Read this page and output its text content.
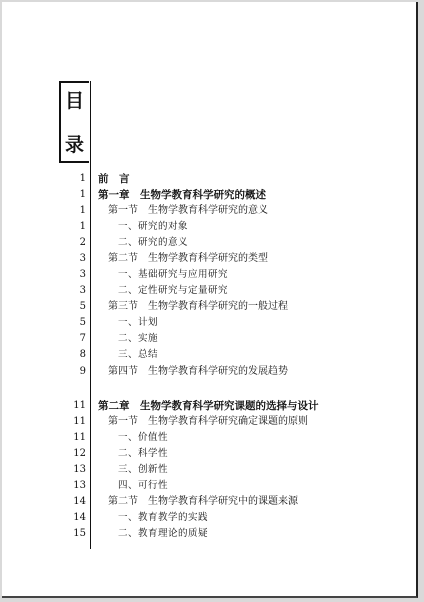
目
录
1 前　言
1 第一章　生物学教育科学研究的概述
1 第一节　生物学教育科学研究的意义
1	一、研究的对象
2	二、研究的意义
3 第二节　生物学教育科学研究的类型
3	一、基础研究与应用研究
3	二、定性研究与定量研究
5 第三节　生物学教育科学研究的一般过程
5	一、计划
7	二、实施
8	三、总结
9 第四节　生物学教育科学研究的发展趋势
11 第二章　生物学教育科学研究课题的选择与设计
11 第一节　生物学教育科学研究确定课题的原则
11	一、价值性
12	二、科学性
13	三、创新性
13	四、可行性
14 第二节　生物学教育科学研究中的课题来源
14	一、教育教学的实践
15	二、教育理论的质疑
